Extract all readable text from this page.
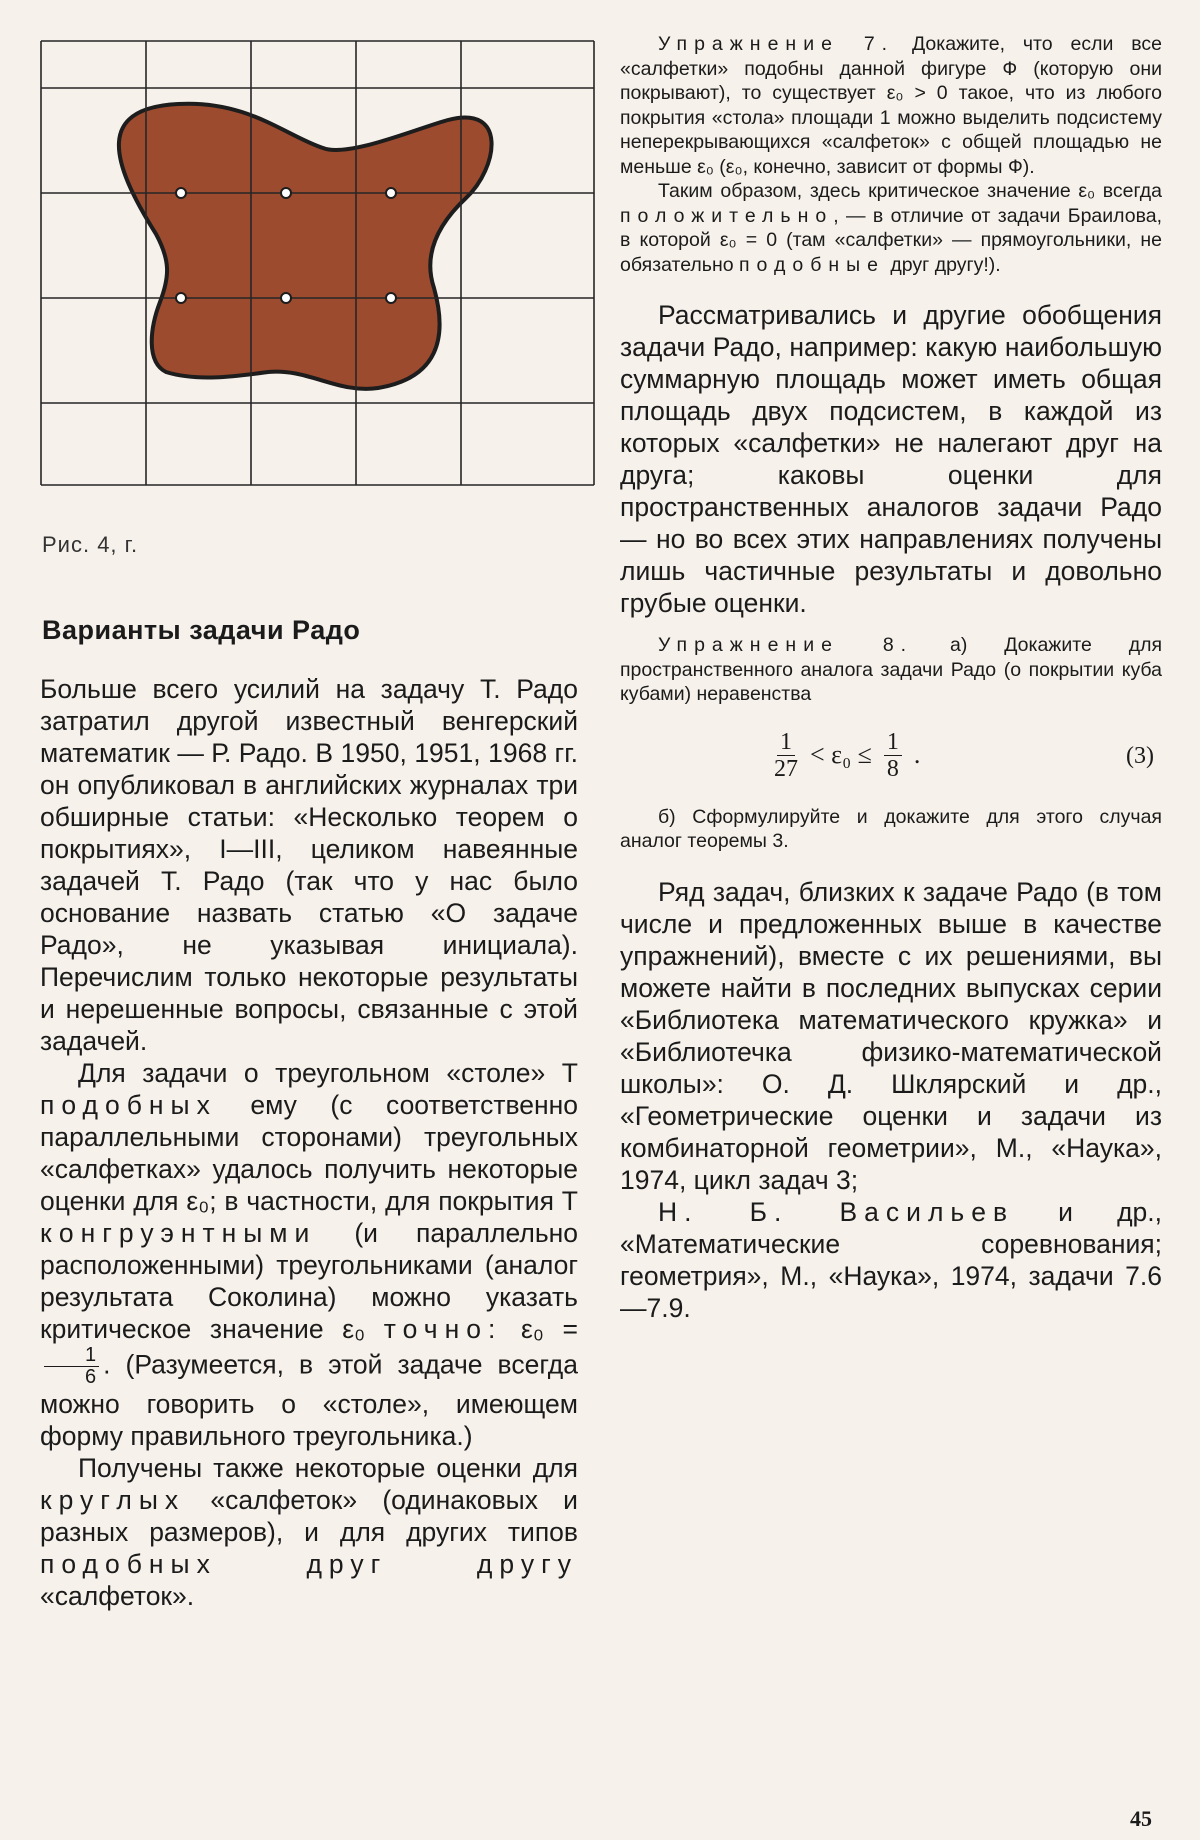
Рис. 4, г.
Варианты задачи Радо

Больше всего усилий на задачу Т. Радо затратил другой известный венгерский математик — Р. Радо. В 1950, 1951, 1968 гг. он опубликовал в английских журналах три обширные статьи: «Несколько теорем о покрытиях», I—III, целиком навеянные задачей Т. Радо (так что у нас было основание назвать статью «О задаче Радо», не указывая инициала). Перечислим только некоторые результаты и нерешенные вопросы, связанные с этой задачей.

Для задачи о треугольном «столе» Т подобных ему (с соответственно параллельными сторонами) треугольных «салфетках» удалось получить некоторые оценки для ε₀; в частности, для покрытия Т конгруэнтными (и параллельно расположенными) треугольниками (аналог результата Соколина) можно указать критическое значение ε₀ точно: ε₀ =
$\frac{1}{6}$ . (Разумеется, в этой задаче всегда можно говорить о «столе», имеющем форму правильного треугольника.)

Получены также некоторые оценки для круглых «салфеток» (одинаковых и разных размеров), и для других типов подобных друг другу «салфеток».

Упражнение 7. Докажите, что если все «салфетки» подобны данной фигуре Ф (которую они покрывают), то существует ε₀ > 0 такое, что из любого покрытия «стола» площади 1 можно выделить подсистему неперекрывающихся «салфеток» с общей площадью не меньше ε₀ (ε₀, конечно, зависит от формы Ф).

Таким образом, здесь критическое значение ε₀ всегда положительно, — в отличие от задачи Браилова, в которой ε₀ = 0 (там «салфетки» — прямоугольники, не обязательно подобные друг другу!).

Рассматривались и другие обобщения задачи Радо, например: какую наибольшую суммарную площадь может иметь общая площадь двух подсистем, в каждой из которых «салфетки» не налегают друг на друга; каковы оценки для пространственных аналогов задачи Радо — но во всех этих направлениях получены лишь частичные результаты и довольно грубые оценки.

Упражнение 8. а) Докажите для пространственного аналога задачи Радо (о покрытии куба кубами) неравенства

$\frac{1}{27} < \varepsilon_0 \le \frac{1}{8}$ .	(3)

б) Сформулируйте и докажите для этого случая аналог теоремы 3.

Ряд задач, близких к задаче Радо (в том числе и предложенных выше в качестве упражнений), вместе с их решениями, вы можете найти в последних выпусках серии «Библиотека математического кружка» и «Библиотечка физико-математической школы»: О. Д. Шклярский и др., «Геометрические оценки и задачи из комбинаторной геометрии», М., «Наука», 1974, цикл задач 3;

Н. Б. Васильев и др., «Математические соревнования; геометрия», М., «Наука», 1974, задачи 7.6—7.9.

45
